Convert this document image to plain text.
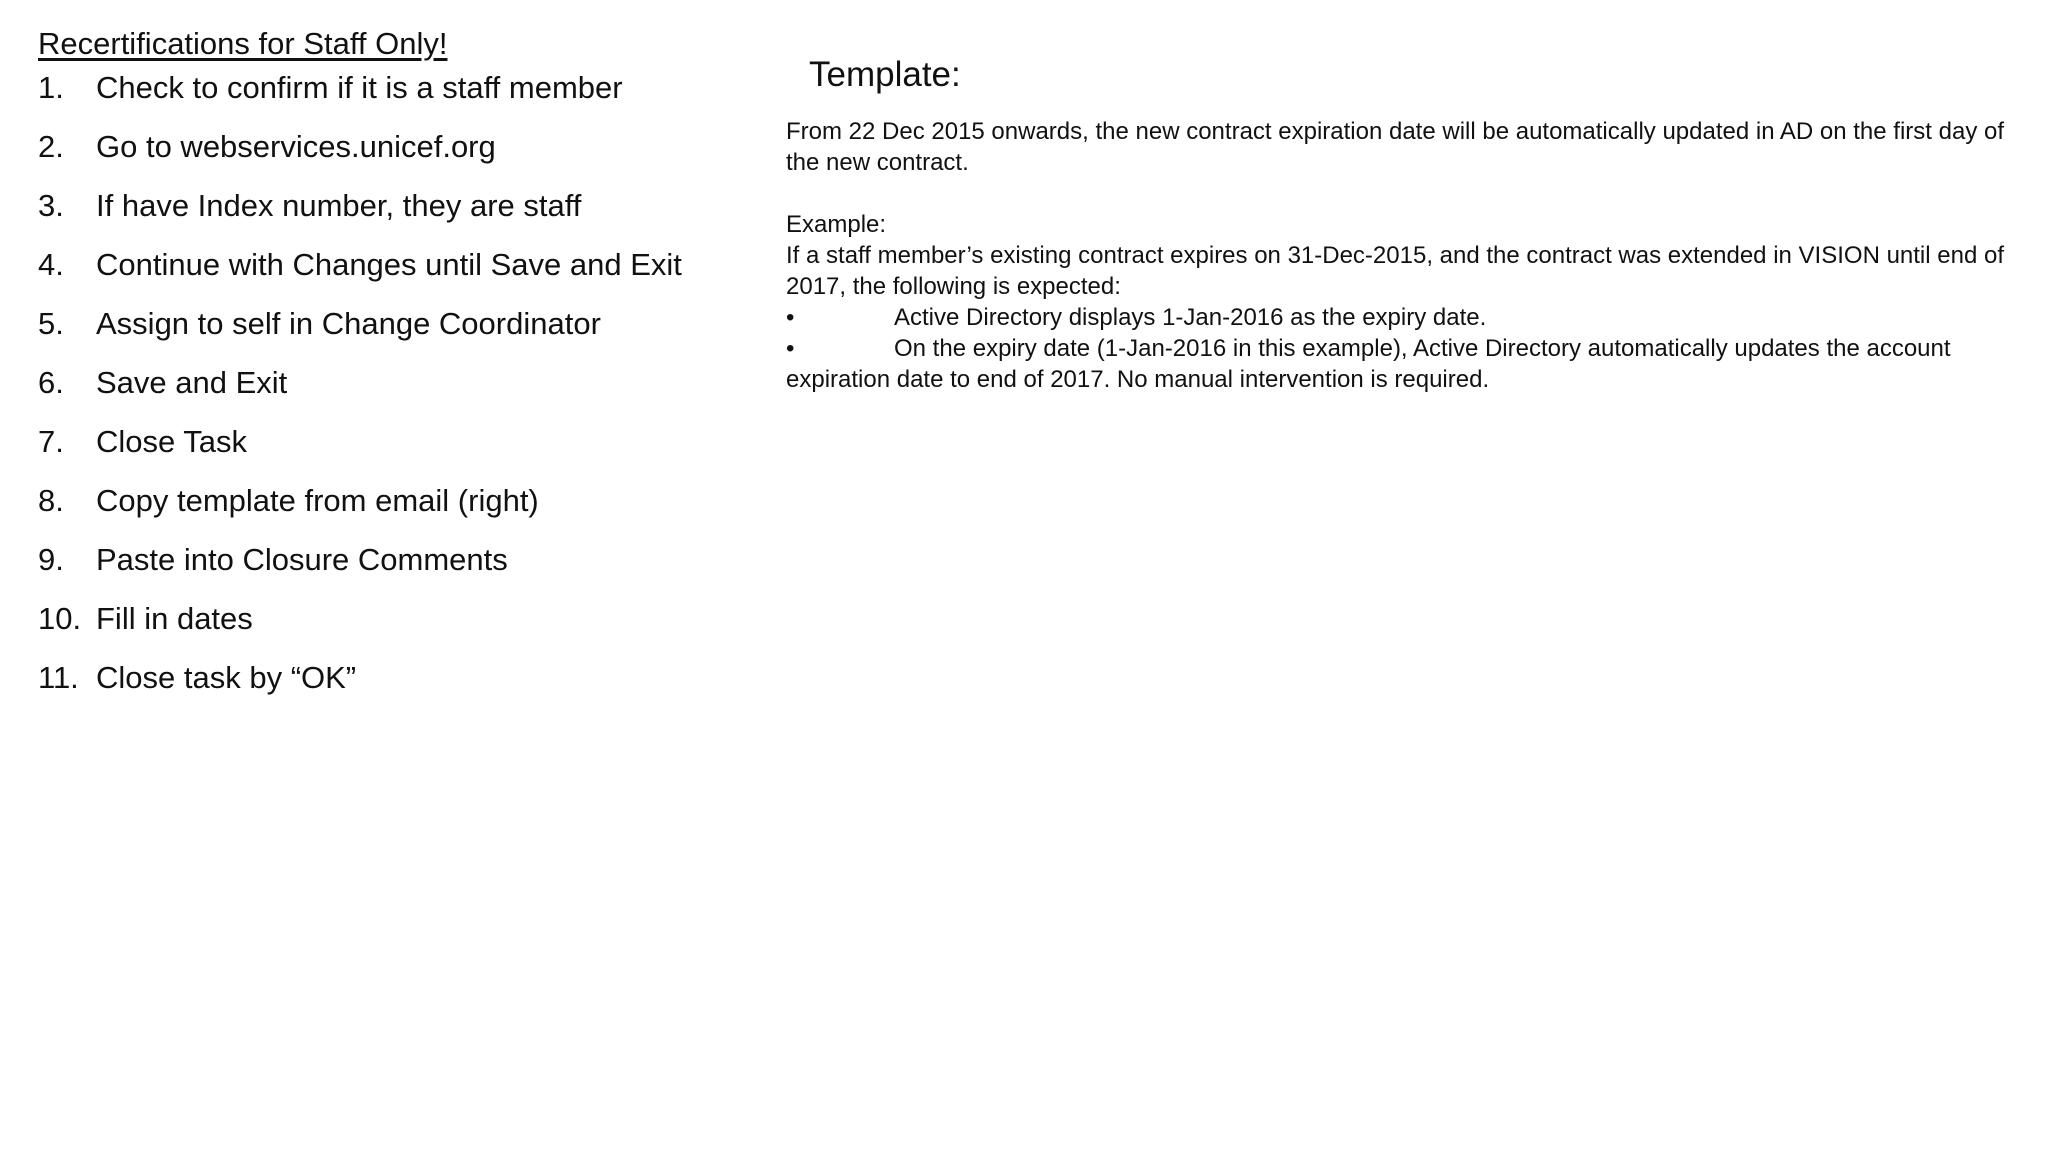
Recertifications for Staff Only!
1.	Check to confirm if it is a staff member
2.	Go to webservices.unicef.org
3.	If have Index number, they are staff
4.	Continue with Changes until Save and Exit
5.	Assign to self in Change Coordinator
6.	Save and Exit
7.	Close Task
8.	Copy template from email (right)
9.	Paste into Closure Comments
10. Fill in dates
11. Close task by “OK”
Template:

From 22 Dec 2015 onwards, the new contract expiration date will be automatically updated in AD on the first day of the new contract.

Example:

If a staff member’s existing contract expires on 31-Dec-2015, and the contract was extended in VISION until end of 2017, the following is expected:

•	Active Directory displays 1-Jan-2016 as the expiry date.
•	On the expiry date (1-Jan-2016 in this example), Active Directory automatically updates the account
expiration date to end of 2017. No manual intervention is required.
